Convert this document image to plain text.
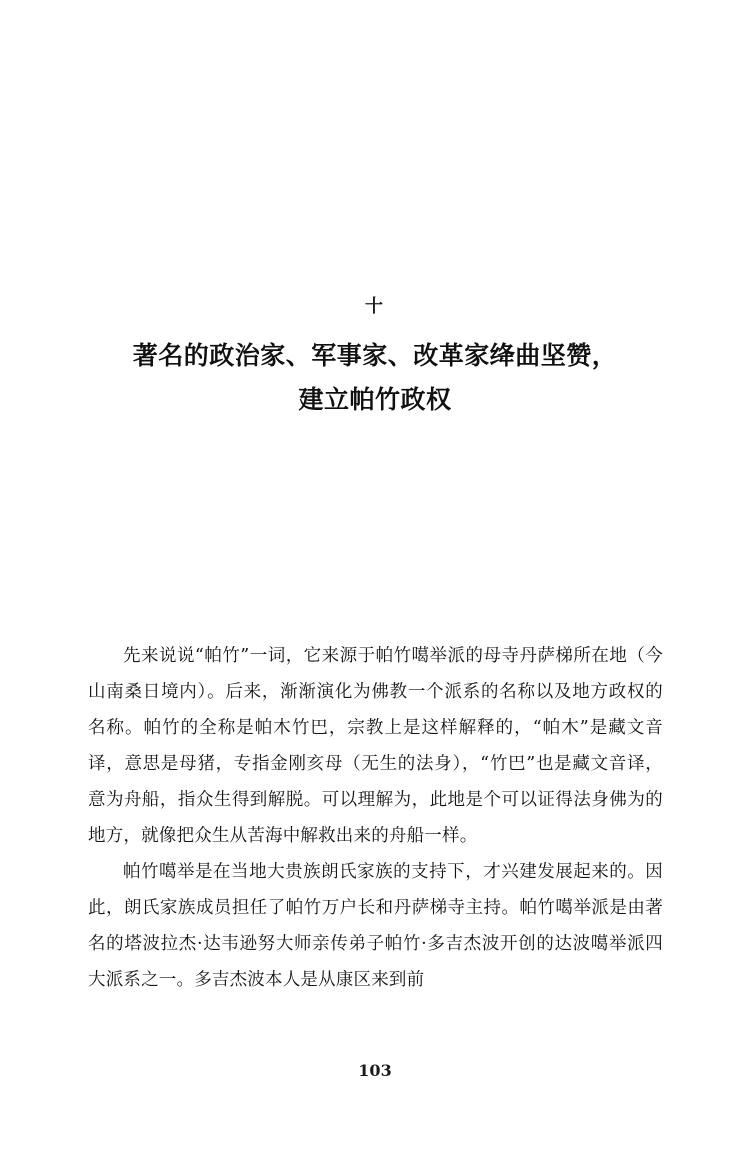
十
著名的政治家、军事家、改革家绛曲坚赞，
建立帕竹政权

先来说说“帕竹”一词，它来源于帕竹噶举派的母寺丹萨梯所在地（今山南桑日境内）。后来，渐渐演化为佛教一个派系的名称以及地方政权的名称。帕竹的全称是帕木竹巴，宗教上是这样解释的，“帕木”是藏文音译，意思是母猪，专指金刚亥母（无生的法身），“竹巴”也是藏文音译，意为舟船，指众生得到解脱。可以理解为，此地是个可以证得法身佛为的地方，就像把众生从苦海中解救出来的舟船一样。

帕竹噶举是在当地大贵族朗氏家族的支持下，才兴建发展起来的。因此，朗氏家族成员担任了帕竹万户长和丹萨梯寺主持。帕竹噶举派是由著名的塔波拉杰·达韦逊努大师亲传弟子帕竹·多吉杰波开创的达波噶举派四大派系之一。多吉杰波本人是从康区来到前

103
